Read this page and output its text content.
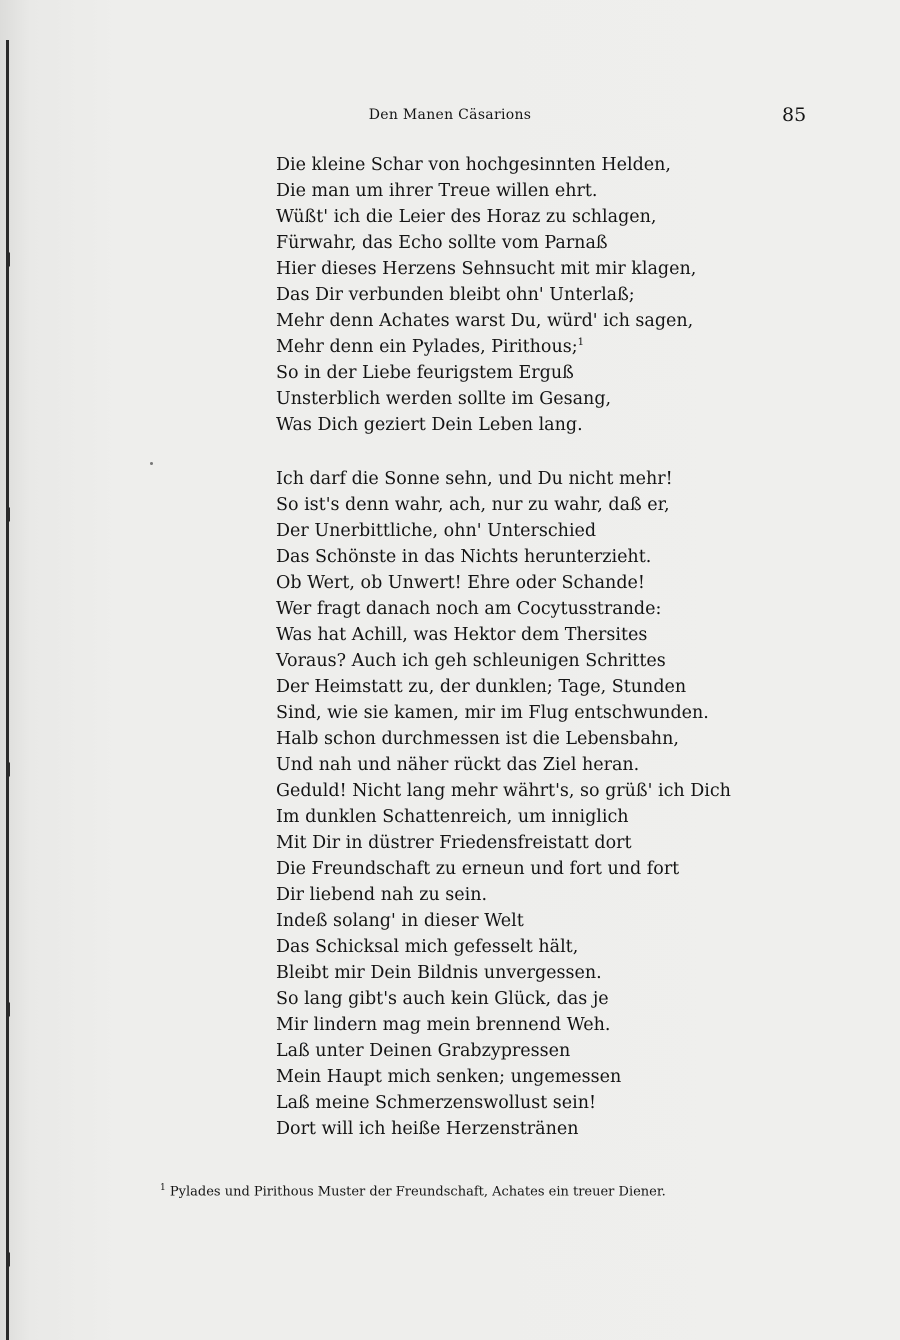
Den Manen Cäsarions	85
Die kleine Schar von hochgesinnten Helden,
Die man um ihrer Treue willen ehrt.
Wüßt' ich die Leier des Horaz zu schlagen,
Fürwahr, das Echo sollte vom Parnaß
Hier dieses Herzens Sehnsucht mit mir klagen,
Das Dir verbunden bleibt ohn' Unterlaß;
Mehr denn Achates warst Du, würd' ich sagen,
Mehr denn ein Pylades, Pirithous;$^1$
So in der Liebe feurigstem Erguß
Unsterblich werden sollte im Gesang,
Was Dich geziert Dein Leben lang.
Ich darf die Sonne sehn, und Du nicht mehr!
So ist's denn wahr, ach, nur zu wahr, daß er,
Der Unerbittliche, ohn' Unterschied
Das Schönste in das Nichts herunterzieht.
Ob Wert, ob Unwert! Ehre oder Schande!
Wer fragt danach noch am Cocytusstrande:
Was hat Achill, was Hektor dem Thersites
Voraus? Auch ich geh schleunigen Schrittes
Der Heimstatt zu, der dunklen; Tage, Stunden
Sind, wie sie kamen, mir im Flug entschwunden.
Halb schon durchmessen ist die Lebensbahn,
Und nah und näher rückt das Ziel heran.
Geduld! Nicht lang mehr währt's, so grüß' ich Dich
Im dunklen Schattenreich, um inniglich
Mit Dir in düstrer Friedensfreistatt dort
Die Freundschaft zu erneun und fort und fort
Dir liebend nah zu sein.
Indeß solang' in dieser Welt
Das Schicksal mich gefesselt hält,
Bleibt mir Dein Bildnis unvergessen.
So lang gibt's auch kein Glück, das je
Mir lindern mag mein brennend Weh.
Laß unter Deinen Grabzypressen
Mein Haupt mich senken; ungemessen
Laß meine Schmerzenswollust sein!
Dort will ich heiße Herzenstränen
$^1$ Pylades und Pirithous Muster der Freundschaft, Achates ein treuer Diener.
